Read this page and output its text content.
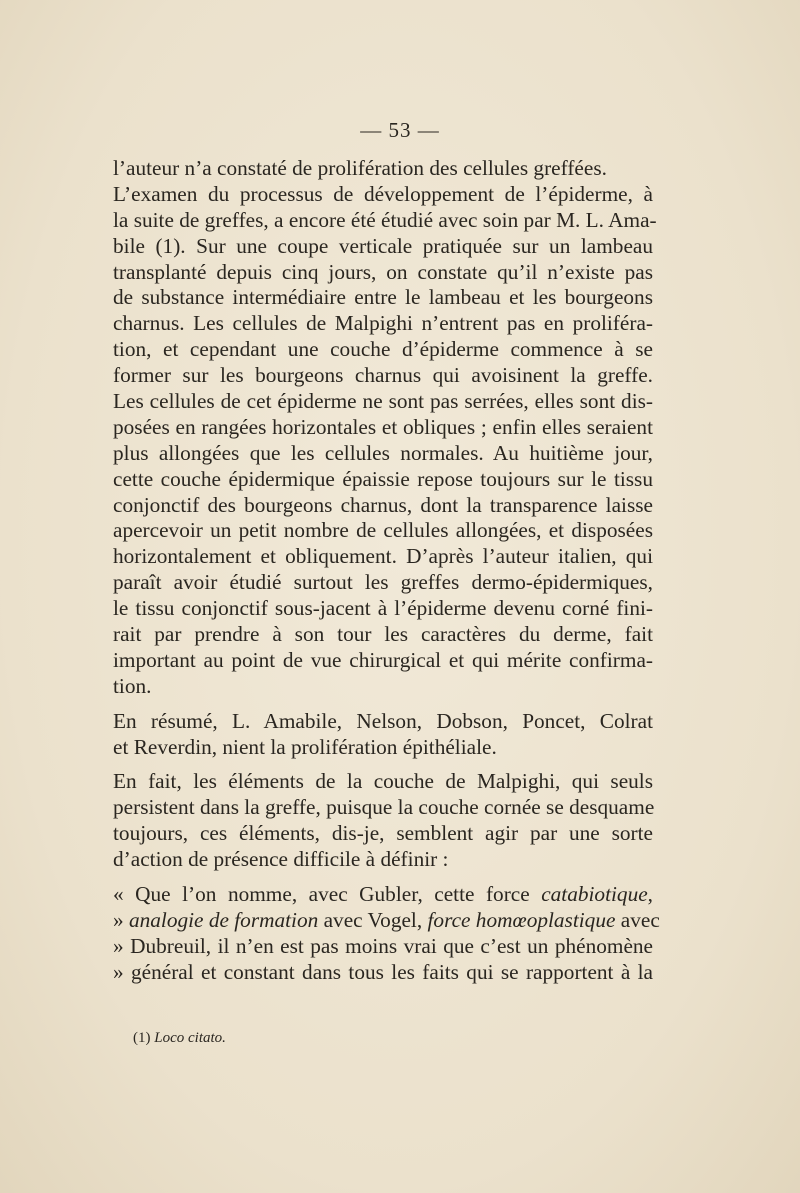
— 53 —
l’auteur n’a constaté de prolifération des cellules greffées.
L’examen du processus de développement de l’épiderme, à
la suite de greffes, a encore été étudié avec soin par M. L. Ama-
bile (1). Sur une coupe verticale pratiquée sur un lambeau
transplanté depuis cinq jours, on constate qu’il n’existe pas
de substance intermédiaire entre le lambeau et les bourgeons
charnus. Les cellules de Malpighi n’entrent pas en proliféra-
tion, et cependant une couche d’épiderme commence à se
former sur les bourgeons charnus qui avoisinent la greffe.
Les cellules de cet épiderme ne sont pas serrées, elles sont dis-
posées en rangées horizontales et obliques ; enfin elles seraient
plus allongées que les cellules normales. Au huitième jour,
cette couche épidermique épaissie repose toujours sur le tissu
conjonctif des bourgeons charnus, dont la transparence laisse
apercevoir un petit nombre de cellules allongées, et disposées
horizontalement et obliquement. D’après l’auteur italien, qui
paraît avoir étudié surtout les greffes dermo-épidermiques,
le tissu conjonctif sous-jacent à l’épiderme devenu corné fini-
rait par prendre à son tour les caractères du derme, fait
important au point de vue chirurgical et qui mérite confirma-
tion.
En résumé, L. Amabile, Nelson, Dobson, Poncet, Colrat
et Reverdin, nient la prolifération épithéliale.
En fait, les éléments de la couche de Malpighi, qui seuls
persistent dans la greffe, puisque la couche cornée se desquame
toujours, ces éléments, dis-je, semblent agir par une sorte
d’action de présence difficile à définir :
« Que l’on nomme, avec Gubler, cette force catabiotique,
» analogie de formation avec Vogel, force homœoplastique avec
» Dubreuil, il n’en est pas moins vrai que c’est un phénomène
» général et constant dans tous les faits qui se rapportent à la
(1) Loco citato.
